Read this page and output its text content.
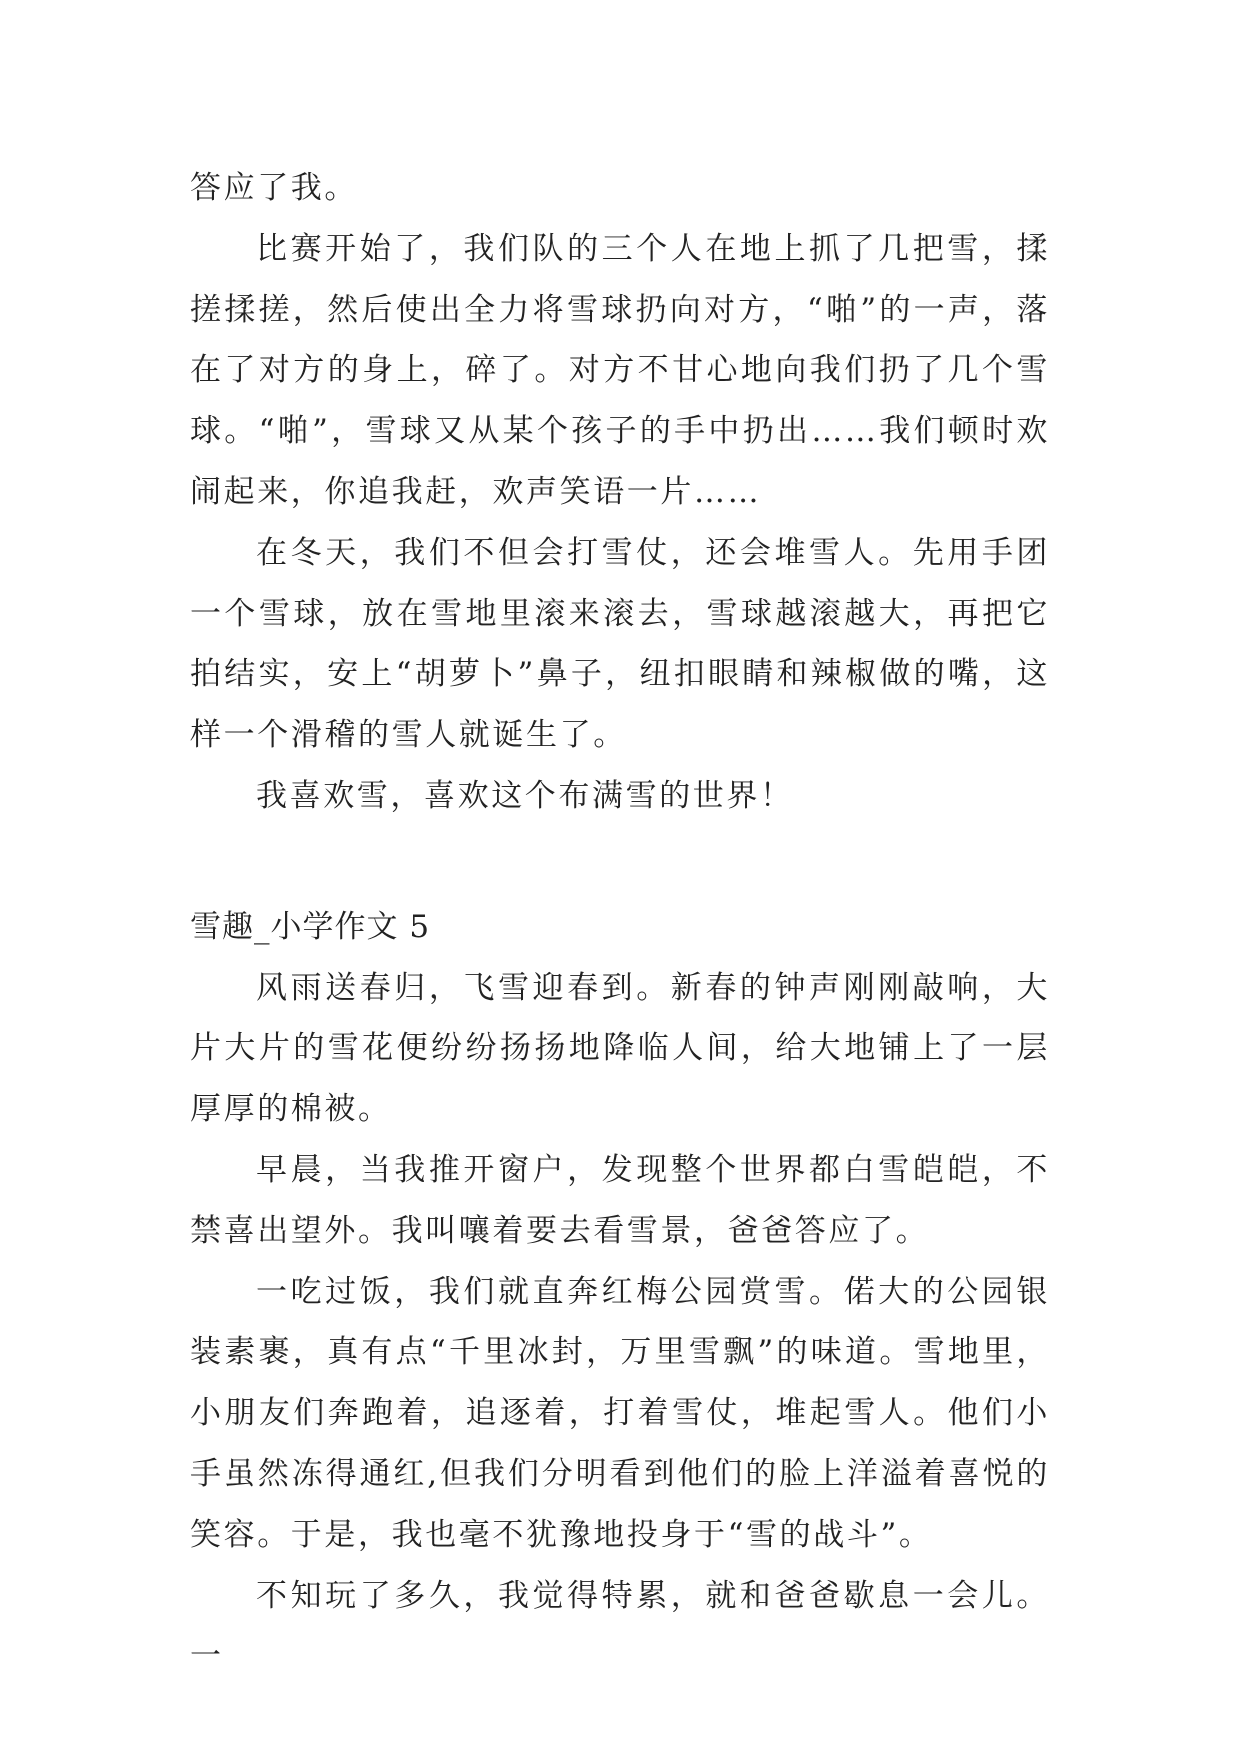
答应了我。

比赛开始了，我们队的三个人在地上抓了几把雪，揉搓揉搓，然后使出全力将雪球扔向对方，“啪”的一声，落在了对方的身上，碎了。对方不甘心地向我们扔了几个雪球。“啪”，雪球又从某个孩子的手中扔出……我们顿时欢闹起来，你追我赶，欢声笑语一片……

在冬天，我们不但会打雪仗，还会堆雪人。先用手团一个雪球，放在雪地里滚来滚去，雪球越滚越大，再把它拍结实，安上“胡萝卜”鼻子，纽扣眼睛和辣椒做的嘴，这样一个滑稽的雪人就诞生了。

我喜欢雪，喜欢这个布满雪的世界！

雪趣_小学作文 5

风雨送春归，飞雪迎春到。新春的钟声刚刚敲响，大片大片的雪花便纷纷扬扬地降临人间，给大地铺上了一层厚厚的棉被。

早晨，当我推开窗户，发现整个世界都白雪皑皑，不禁喜出望外。我叫嚷着要去看雪景，爸爸答应了。

一吃过饭，我们就直奔红梅公园赏雪。偌大的公园银装素裹，真有点“千里冰封，万里雪飘”的味道。雪地里，小朋友们奔跑着，追逐着，打着雪仗，堆起雪人。他们小手虽然冻得通红,但我们分明看到他们的脸上洋溢着喜悦的笑容。于是，我也毫不犹豫地投身于“雪的战斗”。

不知玩了多久，我觉得特累，就和爸爸歇息一会儿。一
